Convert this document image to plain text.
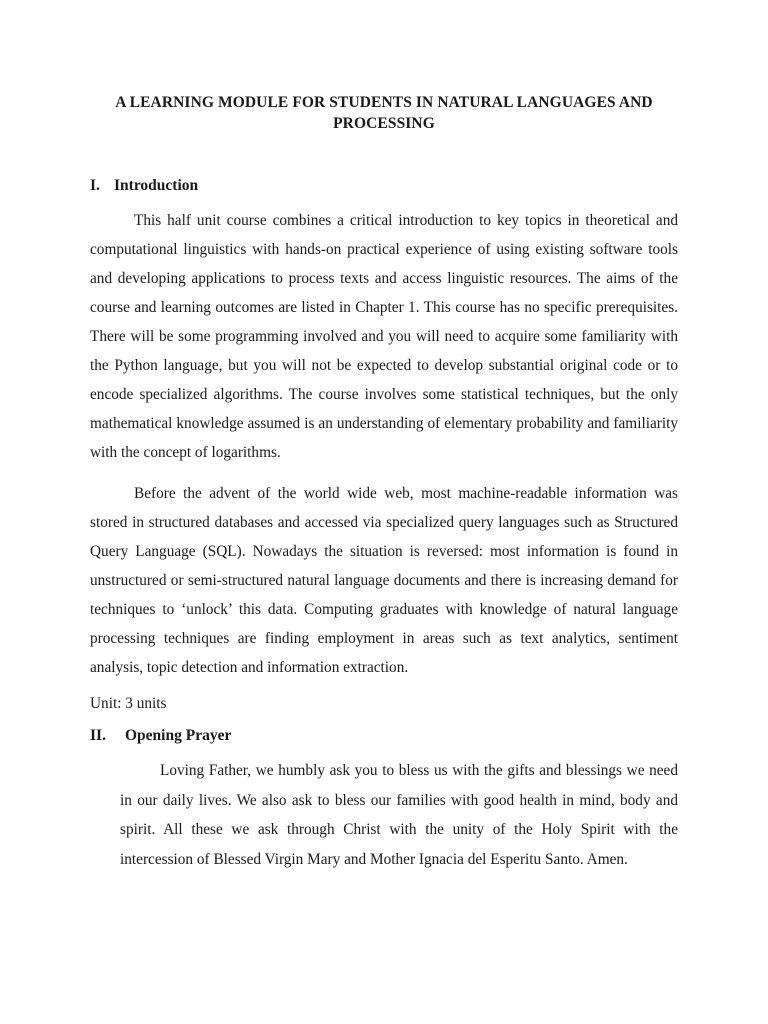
A LEARNING MODULE FOR STUDENTS IN NATURAL LANGUAGES AND PROCESSING
I. Introduction

This half unit course combines a critical introduction to key topics in theoretical and computational linguistics with hands-on practical experience of using existing software tools and developing applications to process texts and access linguistic resources. The aims of the course and learning outcomes are listed in Chapter 1. This course has no specific prerequisites. There will be some programming involved and you will need to acquire some familiarity with the Python language, but you will not be expected to develop substantial original code or to encode specialized algorithms. The course involves some statistical techniques, but the only mathematical knowledge assumed is an understanding of elementary probability and familiarity with the concept of logarithms.

Before the advent of the world wide web, most machine-readable information was stored in structured databases and accessed via specialized query languages such as Structured Query Language (SQL). Nowadays the situation is reversed: most information is found in unstructured or semi-structured natural language documents and there is increasing demand for techniques to ‘unlock’ this data. Computing graduates with knowledge of natural language processing techniques are finding employment in areas such as text analytics, sentiment analysis, topic detection and information extraction.

Unit: 3 units
II.	Opening Prayer

Loving Father, we humbly ask you to bless us with the gifts and blessings we need in our daily lives. We also ask to bless our families with good health in mind, body and spirit. All these we ask through Christ with the unity of the Holy Spirit with the intercession of Blessed Virgin Mary and Mother Ignacia del Esperitu Santo. Amen.
